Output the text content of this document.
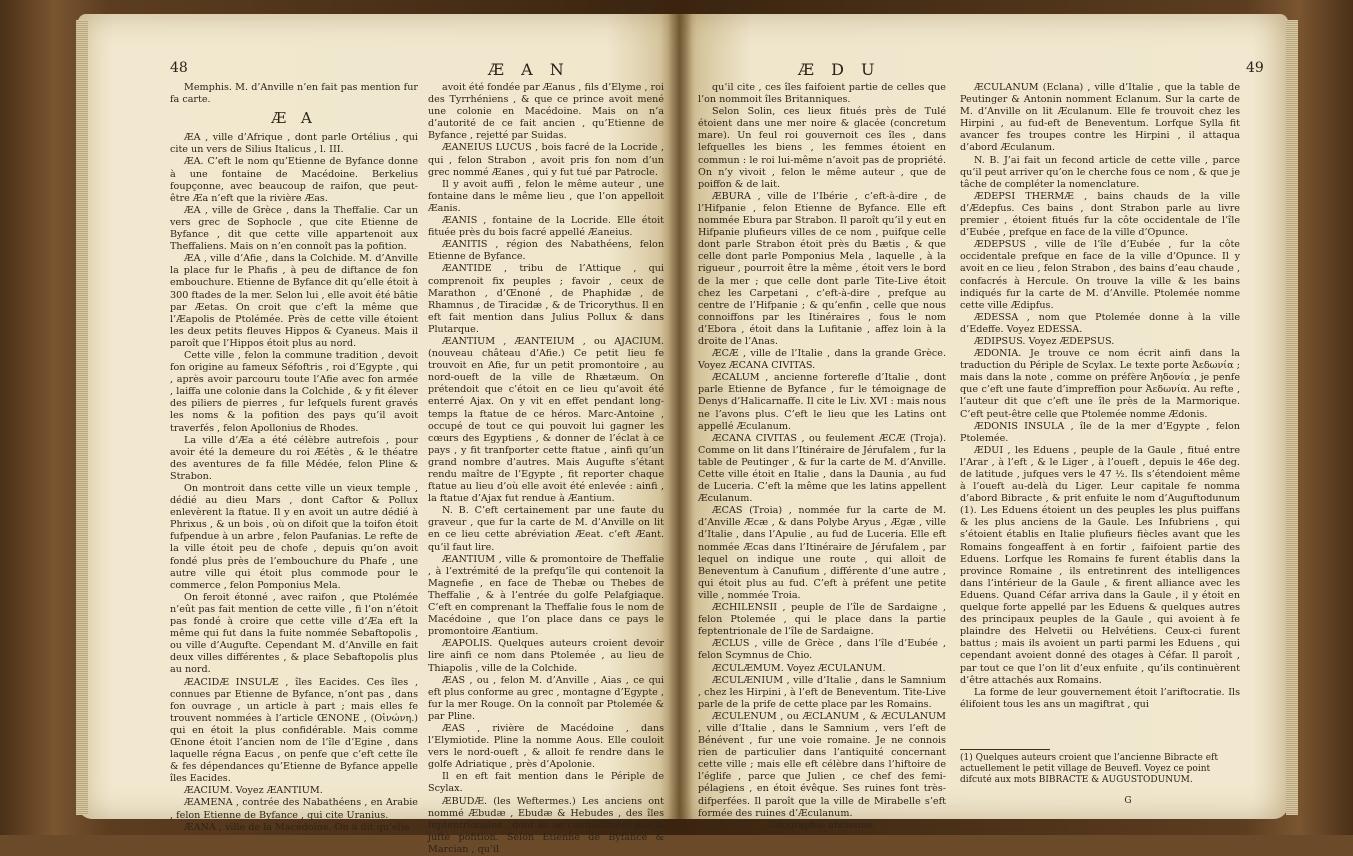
48	Æ A N

Memphis. M. d’Anville n’en fait pas mention fur fa carte.

Æ A

ÆA , ville d’Afrique , dont parle Ortélius , qui cite un vers de Silius Italicus , l. III.

ÆA. C’eft le nom qu’Etienne de Byfance donne à une fontaine de Macédoine. Berkelius foupçonne, avec beaucoup de raifon, que peut-être Æa n’eft que la rivière Æas.

ÆA , ville de Grèce , dans la Theffalie. Car un vers grec de Sophocle , que cite Etienne de Byfance , dit que cette ville appartenoit aux Theffaliens. Mais on n’en connoît pas la pofition.

ÆA , ville d’Afie , dans la Colchide. M. d’Anville la place fur le Phafis , à peu de diftance de fon embouchure. Etienne de Byfance dit qu’elle étoit à 300 ftades de la mer. Selon lui , elle avoit été bâtie par Æetas. On croit que c’eft la même que l’Æapolis de Ptolémée. Près de cette ville étoient les deux petits fleuves Hippos & Cyaneus. Mais il paroît que l’Hippos étoit plus au nord.

Cette ville , felon la commune tradition , devoit fon origine au fameux Séfoftris , roi d’Egypte , qui , après avoir parcouru toute l’Afie avec fon armée , laiffa une colonie dans la Colchide , & y fit élever des piliers de pierres , fur lefquels furent gravés les noms & la pofition des pays qu’il avoit traverfés , felon Apollonius de Rhodes.

La ville d’Æa a été célèbre autrefois , pour avoir été la demeure du roi Æétès , & le théatre des aventures de fa fille Médée, felon Pline & Strabon.

On montroit dans cette ville un vieux temple , dédié au dieu Mars , dont Caftor & Pollux enlevèrent la ftatue. Il y en avoit un autre dédié à Phrixus , & un bois , où on difoit que la toifon étoit fufpendue à un arbre , felon Paufanias. Le refte de la ville étoit peu de chofe , depuis qu’on avoit fondé plus près de l’embouchure du Phafe , une autre ville qui étoit plus commode pour le commerce , felon Pomponius Mela.

On feroit étonné , avec raifon , que Ptolémée n’eût pas fait mention de cette ville , fi l’on n’étoit pas fondé à croire que cette ville d’Æa eft la même qui fut dans la fuite nommée Sebaftopolis , ou ville d’Augufte. Cependant M. d’Anville en fait deux villes différentes , & place Sebaftopolis plus au nord.

ÆACIDÆ INSULÆ , îles Eacides. Ces îles , connues par Etienne de Byfance, n’ont pas , dans fon ouvrage , un article à part ; mais elles fe trouvent nommées à l’article ŒNONE , (Οἰνώνη.) qui en étoit la plus confidérable. Mais comme Œnone étoit l’ancien nom de l’île d’Egine , dans laquelle régna Eacus , on penfe que c’eft cette île & fes dépendances qu’Etienne de Byfance appelle îles Eacides.

ÆACIUM. Voyez ÆANTIUM.

ÆAMENA , contrée des Nabathéens , en Arabie , felon Etienne de Byfance , qui cite Uranius.

ÆANA , ville de la Macédoine. On a dit qu’elle

avoit été fondée par Æanus , fils d’Elyme , roi des Tyrrhéniens , & que ce prince avoit mené une colonie en Macédoine. Mais on n’a d’autorité de ce fait ancien , qu’Etienne de Byfance , rejetté par Suidas.

ÆANEIUS LUCUS , bois facré de la Locride , qui , felon Strabon , avoit pris fon nom d’un grec nommé Æanes , qui y fut tué par Patrocle.

Il y avoit auffi , felon le même auteur , une fontaine dans le même lieu , que l’on appelloit Æanis.

ÆANIS , fontaine de la Locride. Elle étoit fituée près du bois facré appellé Æaneius.

ÆANITIS , région des Nabathéens, felon Etienne de Byfance.

ÆANTIDE , tribu de l’Attique , qui comprenoit fix peuples ; favoir , ceux de Marathon , d’Œnoné , de Phaphidæ , de Rhamnus , de Tiracidæ , & de Tricorythus. Il en eft fait mention dans Julius Pollux & dans Plutarque.

ÆANTIUM , ÆANTEIUM , ou AJACIUM. (nouveau château d’Afie.) Ce petit lieu fe trouvoit en Afie, fur un petit promontoire , au nord-oueft de la ville de Rhætæum. On prétendoit que c’étoit en ce lieu qu’avoit été enterré Ajax. On y vit en effet pendant long-temps la ftatue de ce héros. Marc-Antoine , occupé de tout ce qui pouvoit lui gagner les cœurs des Egyptiens , & donner de l’éclat à ce pays , y fit tranfporter cette ftatue , ainfi qu’un grand nombre d’autres. Mais Augufte s’étant rendu maître de l’Egypte , fit reporter chaque ftatue au lieu d’où elle avoit été enlevée : ainfi , la ftatue d’Ajax fut rendue à Æantium.

N. B. C’eft certainement par une faute du graveur , que fur la carte de M. d’Anville on lit en ce lieu cette abréviation Æeat. c’eft Æant. qu’il faut lire.

ÆANTIUM , ville & promontoire de Theffalie , à l’extrémité de la prefqu’île qui contenoit la Magnefie , en face de Thebæ ou Thebes de Theffalie , & à l’entrée du golfe Pelafgiaque. C’eft en comprenant la Theffalie fous le nom de Macédoine , que l’on place dans ce pays le promontoire Æantium.

ÆAPOLIS. Quelques auteurs croient devoir lire ainfi ce nom dans Ptolemée , au lieu de Thiapolis , ville de la Colchide.

ÆAS , ou , felon M. d’Anville , Aias , ce qui eft plus conforme au grec , montagne d’Egypte , fur la mer Rouge. On la connoît par Ptolemée & par Pline.

ÆAS , rivière de Macédoine , dans l’Elymiotide. Pline la nomme Aous. Elle couloit vers le nord-oueft , & alloit fe rendre dans le golfe Adriatique , près d’Apolonie.

Il en eft fait mention dans le Périple de Scylax.

ÆBUDÆ. (les Weftermes.) Les anciens ont nommé Æbudæ , Ebudæ & Hebudes , des îles feptentrionales , dont ils ne connoiffoient pas la jufte pofition. Selon Etienne de Byfance & Marcian , qu’il

Æ D U	49

qu’il cite , ces îles faifoient partie de celles que l’on nommoit îles Britanniques.

Selon Solin, ces lieux fitués près de Tulé étoient dans une mer noire & glacée (concretum mare). Un feul roi gouvernoit ces îles , dans lefquelles les biens , les femmes étoient en commun : le roi lui-même n’avoit pas de propriété. On n’y vivoit , felon le même auteur , que de poiffon & de lait.

ÆBURA , ville de l’Ibérie , c’eft-à-dire , de l’Hifpanie , felon Etienne de Byfance. Elle eft nommée Ebura par Strabon. Il paroît qu’il y eut en Hifpanie plufieurs villes de ce nom , puifque celle dont parle Strabon étoit près du Bætis , & que celle dont parle Pomponius Mela , laquelle , à la rigueur , pourroit être la même , étoit vers le bord de la mer ; que celle dont parle Tite-Live étoit chez les Carpetani , c’eft-à-dire , prefque au centre de l’Hifpanie ; & qu’enfin , celle que nous connoiffons par les Itinéraires , fous le nom d’Ebora , étoit dans la Lufitanie , affez loin à la droite de l’Anas.

ÆCÆ , ville de l’Italie , dans la grande Grèce. Voyez ÆCANA CIVITAS.

ÆCALUM , ancienne forterefle d’Italie , dont parle Etienne de Byfance , fur le témoignage de Denys d’Halicarnaffe. Il cite le Liv. XVI : mais nous ne l’avons plus. C’eft le lieu que les Latins ont appellé Æculanum.

ÆCANA CIVITAS , ou feulement ÆCÆ (Troja). Comme on lit dans l’Itinéraire de Jérufalem , fur la table de Peutinger , & fur la carte de M. d’Anville. Cette ville étoit en Italie , dans la Daunia , au fud de Luceria. C’eft la même que les latins appellent Æculanum.

ÆCAS (Troia) , nommée fur la carte de M. d’Anville Æcæ , & dans Polybe Aryus , Ægæ , ville d’Italie , dans l’Apulie , au fud de Luceria. Elle eft nommée Æcas dans l’Itinéraire de Jérufalem , par lequel on indique une route , qui alloit de Beneventum à Canufium , différente d’une autre , qui étoit plus au fud. C’eft à préfent une petite ville , nommée Troia.

ÆCHILENSII , peuple de l’île de Sardaigne , felon Ptolemée , qui le place dans la partie feptentrionale de l’île de Sardaigne.

ÆCLUS , ville de Grèce , dans l’île d’Eubée , felon Scymnus de Chio.

ÆCULÆMUM. Voyez ÆCULANUM.

ÆCULÆNIUM , ville d’Italie , dans le Samnium , chez les Hirpini , à l’eft de Beneventum. Tite-Live parle de la prife de cette place par les Romains.

ÆCULENUM , ou ÆCLANUM , & ÆCULANUM , ville d’Italie , dans le Samnium , vers l’eft de Bénévent , fur une voie romaine. Je ne connois rien de particulier dans l’antiquité concernant cette ville ; mais elle eft célèbre dans l’hiftoire de l’églife , parce que Julien , ce chef des femi-pélagiens , en étoit évêque. Ses ruines font très-difperfées. Il paroît que la ville de Mirabelle s’eft formée des ruines d’Æculanum.

Géographie ancienne.

ÆCULANUM (Eclana) , ville d’Italie , que la table de Peutinger & Antonin nomment Eclanum. Sur la carte de M. d’Anville on lit Æculanum. Elle fe trouvoit chez les Hirpini , au fud-eft de Beneventum. Lorfque Sylla fit avancer fes troupes contre les Hirpini , il attaqua d’abord Æculanum.

N. B. J’ai fait un fecond article de cette ville , parce qu’il peut arriver qu’on le cherche fous ce nom , & que je tâche de compléter la nomenclature.

ÆDEPSI THERMÆ , bains chauds de la ville d’Ædepfus. Ces bains , dont Strabon parle au livre premier , étoient fitués fur la côte occidentale de l’île d’Eubée , prefque en face de la ville d’Opunce.

ÆDEPSUS , ville de l’île d’Eubée , fur la côte occidentale prefque en face de la ville d’Opunce. Il y avoit en ce lieu , felon Strabon , des bains d’eau chaude , confacrés à Hercule. On trouve la ville & les bains indiqués fur la carte de M. d’Anville. Ptolemée nomme cette ville Ædipfus.

ÆDESSA , nom que Ptolemée donne à la ville d’Edeffe. Voyez EDESSA.

ÆDIPSUS. Voyez ÆDEPSUS.

ÆDONIA. Je trouve ce nom écrit ainfi dans la traduction du Périple de Scylax. Le texte porte Ἀεδωνία ; mais dans la note , comme on préfère Ἀηδονία , je penfe que c’eft une faute d’impreffion pour Ἀεδωνία. Au refte , l’auteur dit que c’eft une île près de la Marmorique. C’eft peut-être celle que Ptolemée nomme Ædonis.

ÆDONIS INSULA , île de la mer d’Egypte , felon Ptolemée.

ÆDUI , les Eduens , peuple de la Gaule , fitué entre l’Arar , à l’eft , & le Liger , à l’oueft , depuis le 46e deg. de latitude , jufques vers le 47 ½. Ils s’étendoient même à l’oueft au-delà du Liger. Leur capitale fe nomma d’abord Bibracte , & prit enfuite le nom d’Auguftodunum (1). Les Eduens étoient un des peuples les plus puiffans & les plus anciens de la Gaule. Les Infubriens , qui s’étoient établis en Italie plufieurs fiècles avant que les Romains fongeaffent à en fortir , faifoient partie des Eduens. Lorfque les Romains fe furent établis dans la province Romaine , ils entretinrent des intelligences dans l’intérieur de la Gaule , & firent alliance avec les Eduens. Quand Céfar arriva dans la Gaule , il y étoit en quelque forte appellé par les Eduens & quelques autres des principaux peuples de la Gaule , qui avoient à fe plaindre des Helvetii ou Helvétiens. Ceux-ci furent battus ; mais ils avoient un parti parmi les Eduens , qui cependant avoient donné des otages à Céfar. Il paroît , par tout ce que l’on lit d’eux enfuite , qu’ils continuèrent d’être attachés aux Romains.

La forme de leur gouvernement étoit l’ariftocratie. Ils élifoient tous les ans un magiftrat , qui

(1) Quelques auteurs croient que l’ancienne Bibracte eft actuellement le petit village de Beuvefl. Voyez ce point difcuté aux mots BIBRACTE & AUGUSTODUNUM.
G
